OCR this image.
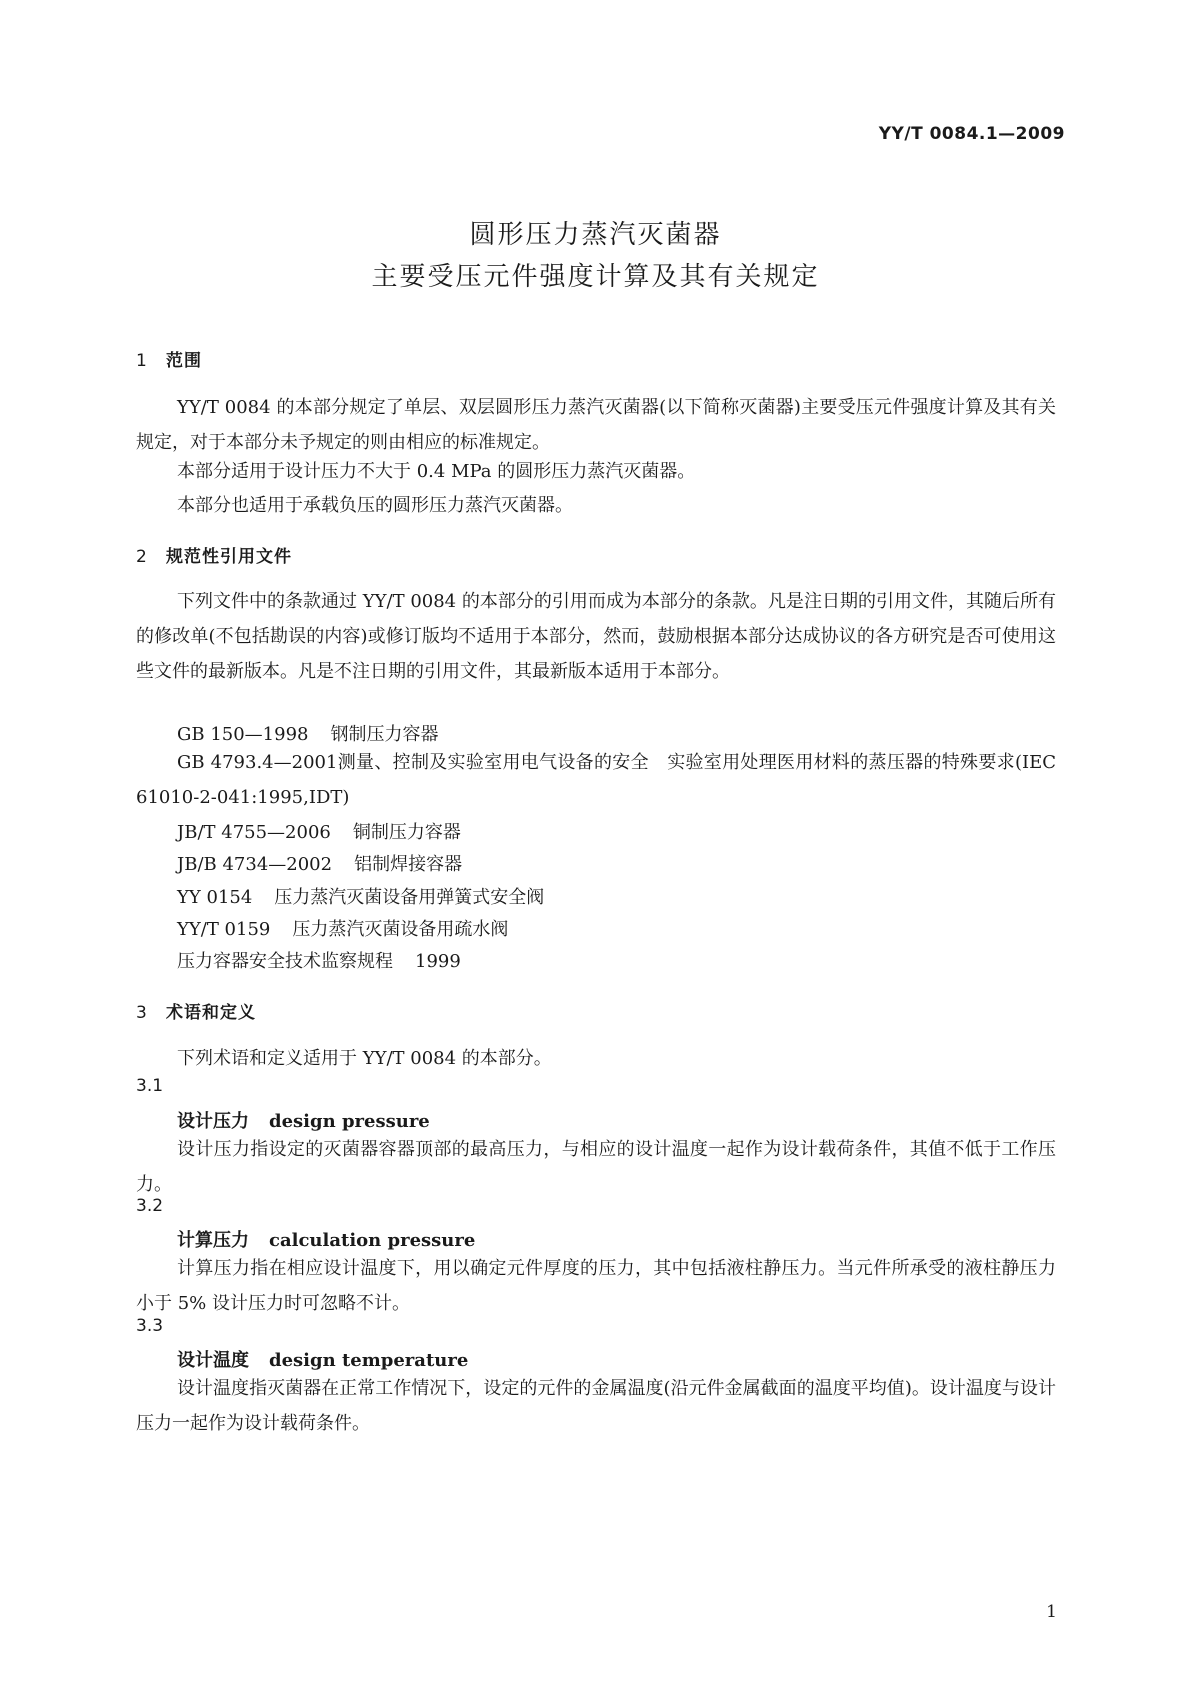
YY/T 0084.1—2009
圆形压力蒸汽灭菌器
主要受压元件强度计算及其有关规定
1 范围
YY/T 0084 的本部分规定了单层、双层圆形压力蒸汽灭菌器(以下简称灭菌器)主要受压元件强度计算及其有关规定，对于本部分未予规定的则由相应的标准规定。
本部分适用于设计压力不大于 0.4 MPa 的圆形压力蒸汽灭菌器。
本部分也适用于承载负压的圆形压力蒸汽灭菌器。
2 规范性引用文件
下列文件中的条款通过 YY/T 0084 的本部分的引用而成为本部分的条款。凡是注日期的引用文件，其随后所有的修改单(不包括勘误的内容)或修订版均不适用于本部分，然而，鼓励根据本部分达成协议的各方研究是否可使用这些文件的最新版本。凡是不注日期的引用文件，其最新版本适用于本部分。
GB 150—1998 钢制压力容器
GB 4793.4—2001测量、控制及实验室用电气设备的安全　实验室用处理医用材料的蒸压器的特殊要求(IEC 61010-2-041:1995,IDT)
JB/T 4755—2006 铜制压力容器
JB/B 4734—2002 铝制焊接容器
YY 0154 压力蒸汽灭菌设备用弹簧式安全阀
YY/T 0159 压力蒸汽灭菌设备用疏水阀
压力容器安全技术监察规程 1999
3 术语和定义
下列术语和定义适用于 YY/T 0084 的本部分。
3.1
设计压力 design pressure
设计压力指设定的灭菌器容器顶部的最高压力，与相应的设计温度一起作为设计载荷条件，其值不低于工作压力。
3.2
计算压力 calculation pressure
计算压力指在相应设计温度下，用以确定元件厚度的压力，其中包括液柱静压力。当元件所承受的液柱静压力小于 5% 设计压力时可忽略不计。
3.3
设计温度 design temperature
设计温度指灭菌器在正常工作情况下，设定的元件的金属温度(沿元件金属截面的温度平均值)。设计温度与设计压力一起作为设计载荷条件。
1
